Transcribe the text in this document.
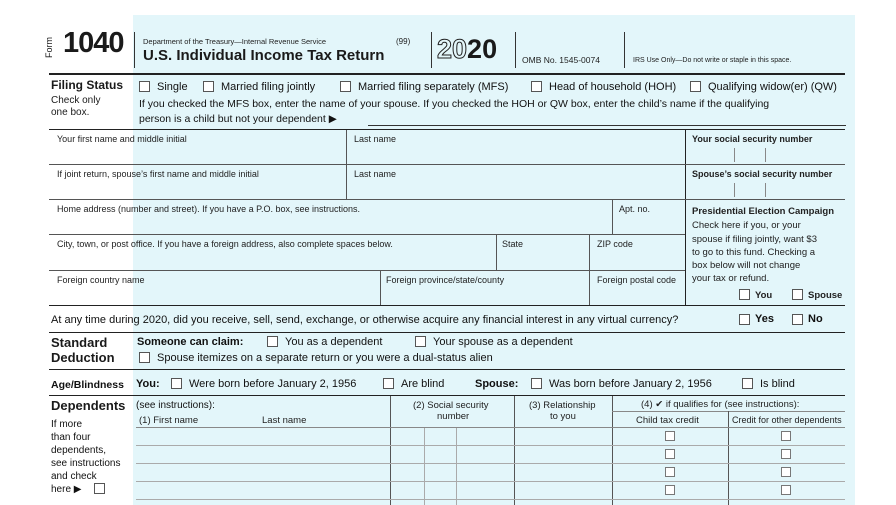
Form 1040	Department of the Treasury—Internal Revenue Service	(99)
U.S. Individual Income Tax Return 2020	OMB No. 1545-0074	IRS Use Only—Do not write or staple in this space.
Filing Status
Check only one box.
Single	Married filing jointly	Married filing separately (MFS)	Head of household (HOH)	Qualifying widow(er) (QW)
If you checked the MFS box, enter the name of your spouse. If you checked the HOH or QW box, enter the child’s name if the qualifying
person is a child but not your dependent ▶
Your first name and middle initial	Last name	Your social security number
If joint return, spouse’s first name and middle initial	Last name	Spouse’s social security number
Home address (number and street). If you have a P.O. box, see instructions.	Apt. no.
City, town, or post office. If you have a foreign address, also complete spaces below.	State	ZIP code
Foreign country name	Foreign province/state/county	Foreign postal code
Presidential Election Campaign
Check here if you, or your
spouse if filing jointly, want $3
to go to this fund. Checking a
box below will not change
your tax or refund.
You	Spouse
At any time during 2020, did you receive, sell, send, exchange, or otherwise acquire any financial interest in any virtual currency?	Yes	No
Standard
Deduction
Someone can claim:	You as a dependent	Your spouse as a dependent
Spouse itemizes on a separate return or you were a dual-status alien
Age/Blindness You:	Were born before January 2, 1956	Are blind	Spouse:	Was born before January 2, 1956	Is blind
Dependents (see instructions):
If more
than four
dependents,
see instructions
and check
here ▶
(1) First name	Last name
(2) Social security
number
(3) Relationship
to you
(4) ✔ if qualifies for (see instructions):
Child tax credit	Credit for other dependents
